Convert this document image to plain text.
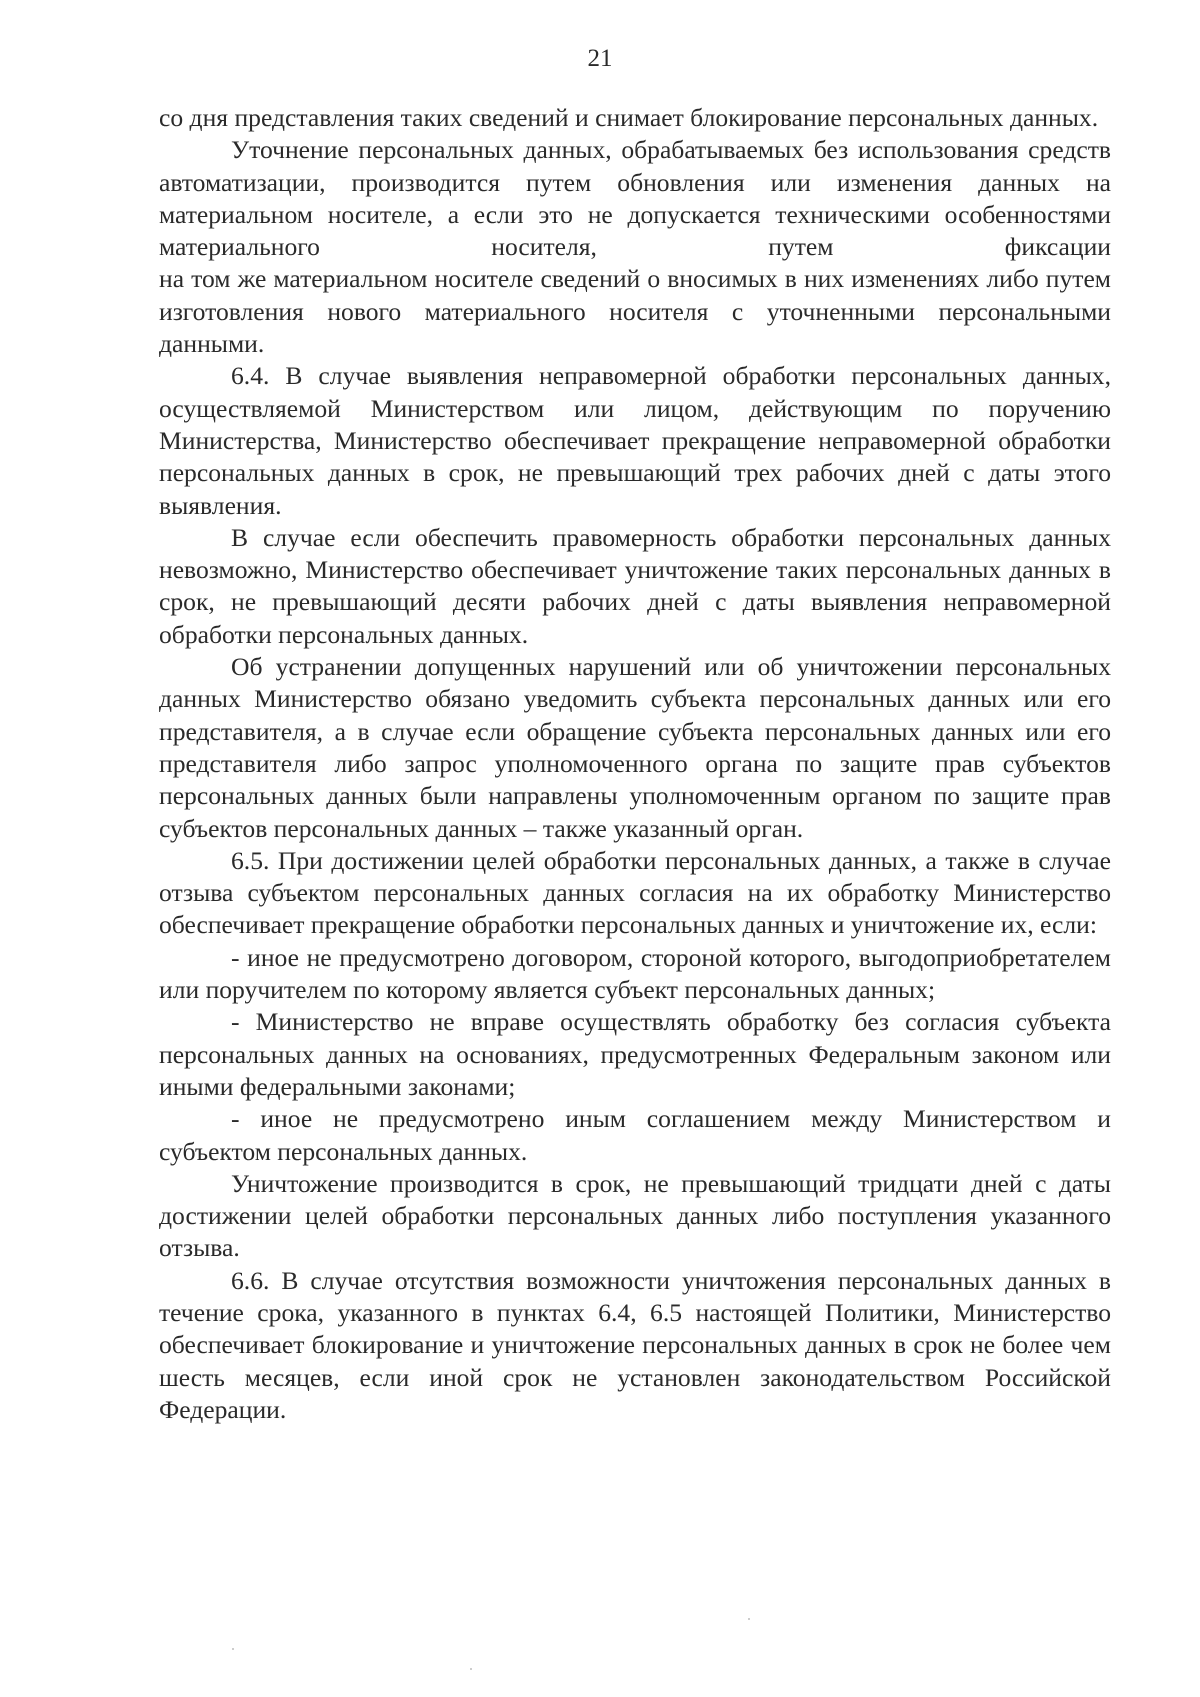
21

со дня представления таких сведений и снимает блокирование персональных данных.

Уточнение персональных данных, обрабатываемых без использования средств автоматизации, производится путем обновления или изменения данных на материальном носителе, а если это не допускается техническими особенностями материального носителя, путем фиксации

на том же материальном носителе сведений о вносимых в них изменениях либо путем изготовления нового материального носителя с уточненными персональными данными.

6.4. В случае выявления неправомерной обработки персональных данных, осуществляемой Министерством или лицом, действующим по поручению Министерства, Министерство обеспечивает прекращение неправомерной обработки персональных данных в срок, не превышающий трех рабочих дней с даты этого выявления.

В случае если обеспечить правомерность обработки персональных данных невозможно, Министерство обеспечивает уничтожение таких персональных данных в срок, не превышающий десяти рабочих дней с даты выявления неправомерной обработки персональных данных.

Об устранении допущенных нарушений или об уничтожении персональных данных Министерство обязано уведомить субъекта персональных данных или его представителя, а в случае если обращение субъекта персональных данных или его представителя либо запрос уполномоченного органа по защите прав субъектов персональных данных были направлены уполномоченным органом по защите прав субъектов персональных данных – также указанный орган.

6.5. При достижении целей обработки персональных данных, а также в случае отзыва субъектом персональных данных согласия на их обработку Министерство обеспечивает прекращение обработки персональных данных и уничтожение их, если:

- иное не предусмотрено договором, стороной которого, выгодоприобретателем или поручителем по которому является субъект персональных данных;

- Министерство не вправе осуществлять обработку без согласия субъекта персональных данных на основаниях, предусмотренных Федеральным законом или иными федеральными законами;

- иное не предусмотрено иным соглашением между Министерством и субъектом персональных данных.

Уничтожение производится в срок, не превышающий тридцати дней с даты достижении целей обработки персональных данных либо поступления указанного отзыва.

6.6. В случае отсутствия возможности уничтожения персональных данных в течение срока, указанного в пунктах 6.4, 6.5 настоящей Политики, Министерство обеспечивает блокирование и уничтожение персональных данных в срок не более чем шесть месяцев, если иной срок не установлен законодательством Российской Федерации.
